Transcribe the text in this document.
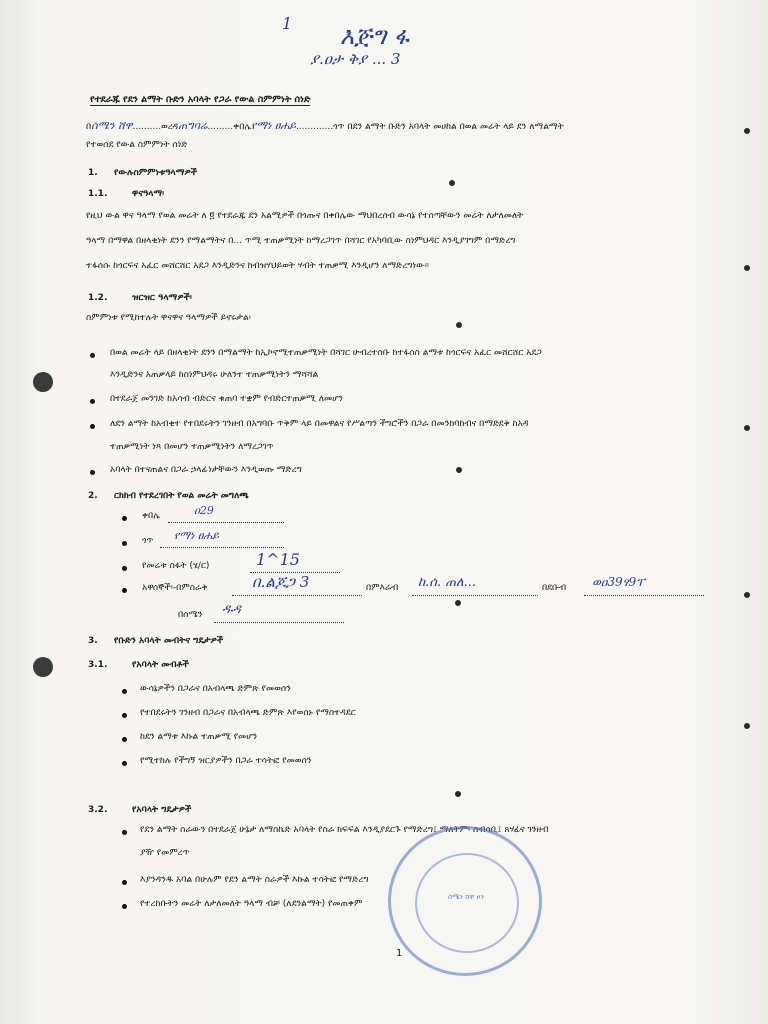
1 እጅግ ፋ
ያ.ዐታ ቅያ ... 3
የተደራጁ የደን ልማት ቡድን አባላት የጋራ የውል ስምምነት ሰነድ
በሰሜን ሸዋ..........ወረዳጠግባሬ.........ቀበሌየማነ ፀሐይ.............ጎጥ በደን ልማት ቡድን አባላት መሀከል በወል መሬት ላይ ደን ለማልማት
የተወሰደ የውል ስምምነት ሰነድ
1. የውሉስምምነቱዓላማዎች
1.1.	ዋናዓላማ፡
የዚህ ውል ዋና ዓላማ የወል መሬት ለ ፬ የተደራጁ ደን አልሚዎች በጎጡና በቀበሌው ማህበረሰብ ውሳኔ የተሰጣቸውን መሬት ለታለመለት
ዓላማ በማዋል በዘላቂነት ደንን የማልማትና በ... ጥሚ ተጠቃሚነት ከማረጋገጥ በሻገር የአካባቢው ስነምህዳር እንዲያገግም በማድረግ
ተፋሰሱ ከጎርፍና አፈር መሸርሸር አደጋ እንዲድንና ከብዝሃህይወት ሃብት ተጠቃሚ እንዲሆን ለማድረግነው።
1.2.	ዝርዝር ዓላማዎች፡
ስምምነቱ የሚከተሉት ዋናዋና ዓላማዎች ይኖሩታል፡
በወል መሬት ላይ በዘላቂነት ደንን በማልማት ከኢኮኖሚተጠቃሚነት በሻገር ሁብረተሰቡ ከተፋሰስ ልማቱ ከጎርፍና አፈር መሸርሸር አደጋ
እንዲድንና አጠቃላይ ከስነምህዳሩ ሁለንተ ተጠቃሚነትን ማሻሻል
በተደራጀ መንገድ ከአሳብ ብድርና ቁጠባ ተቋም የብድርተጠቃሚ ለመሆን
ለደን ልማት ከአብቂተ የተበደሩትን ገንዘብ በአግባቡ ጥቅም ላይ በመዋልና የሥልጣን ችግሮችን በጋራ በመንከባከብና በማድደቅ ከአዳ
ተጠቃሚነት ነጻ በመሆን ተጠቃሚነትን ለማረጋገጥ
አባላት በተናጠልና በጋራ ኃላፊነታቸውን እንዲወጡ ማድረግ
2. ርክክብ የተደረገበት የወል መሬት መግለጫ
ቀበሌ	ዐ29
ጎጥ የማነ ፀሐይ
የመሬቱ ስፋት (ሄ/ር)	1^15
አዋሰኞች፡-በምስራቅ	በ.ልጆጋ 3	በምእራብ ከ.ሰ. ጠለ...	በደቡብ ወዐ39ፃ9ፐ
በሰሜን ዱዳ
3. የቡድን አባላት መብትና ግዴታዎች
3.1.	የአባላት መብቶች
ውሳኔዎችን በጋራና በአብላጫ ድምጽ የመወሰን
የተበደሩትን ገንዘብ በጋራና በአብላጫ ድምጽ እየወሰኑ የማስተዳደር
ከደን ልማቱ እኩል ተጠቃሚ የመሆን
የሚተከሉ የችግኝ ዝርያዎችን በጋራ ተሳትፎ የመወሰን
3.2.	የአባላት ግዴታዎች
የደን ልማት ስራውን በተደራጀ ሁኔታ ለማስኬድ አባላት የስራ ክፍፍል እንዲያደርጉ የማድረግ፤ ማለትም፡ ሰብሳቢ፤ ጸሃፊና ገንዘብ
ያዥ የመምረጥ
እያንዳንዱ አባል በሁሉም የደን ልማት ስራዎች እኩል ተሳትፎ የማድረግ
የተረከቡትን መሬት ለታለመለት ዓላማ ብቻ (ለደንልማት) የመጠቀም
ሰሜን ሸዋ ዞን
1
